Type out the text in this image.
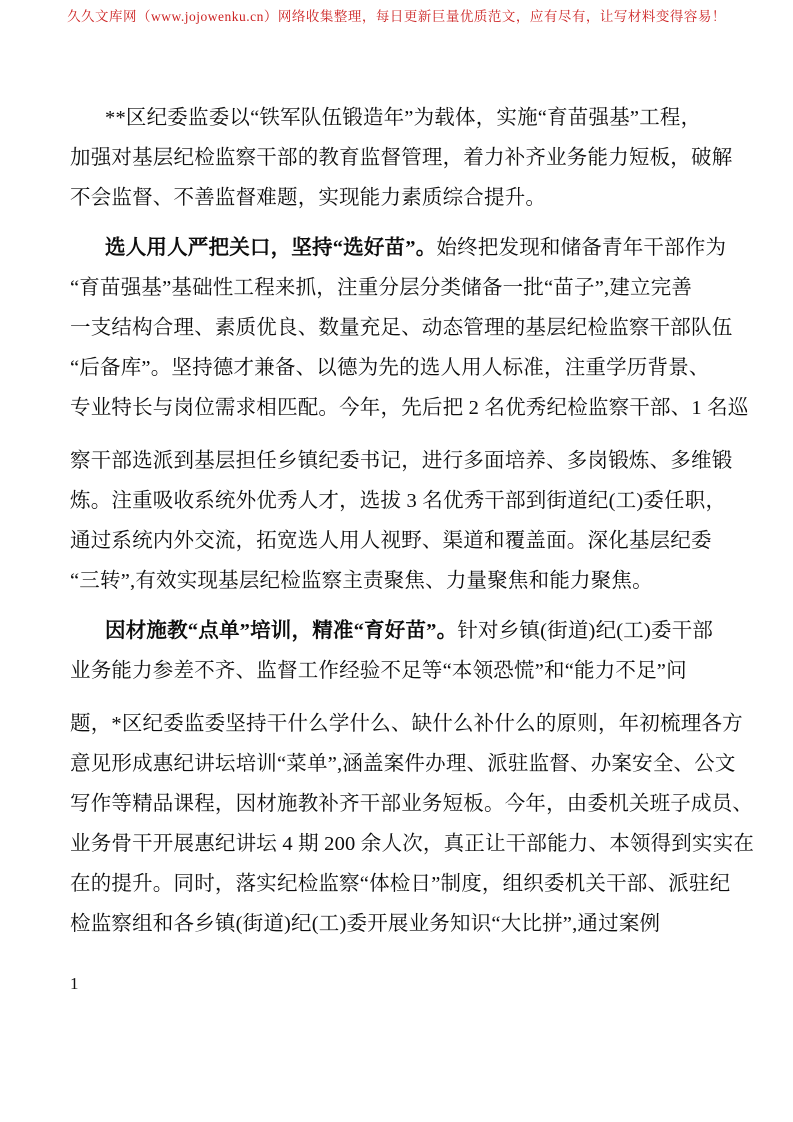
久久文库网（www.jojowenku.cn）网络收集整理，每日更新巨量优质范文，应有尽有，让写材料变得容易！
**区纪委监委以“铁军队伍锻造年”为载体，实施“育苗强基”工程，
加强对基层纪检监察干部的教育监督管理，着力补齐业务能力短板，破解
不会监督、不善监督难题，实现能力素质综合提升。
选人用人严把关口，坚持“选好苗”。始终把发现和储备青年干部作为
“育苗强基”基础性工程来抓，注重分层分类储备一批“苗子”,建立完善
一支结构合理、素质优良、数量充足、动态管理的基层纪检监察干部队伍
“后备库”。坚持德才兼备、以德为先的选人用人标准，注重学历背景、
专业特长与岗位需求相匹配。今年，先后把 2 名优秀纪检监察干部、1 名巡
察干部选派到基层担任乡镇纪委书记，进行多面培养、多岗锻炼、多维锻
炼。注重吸收系统外优秀人才，选拔 3 名优秀干部到街道纪(工)委任职，
通过系统内外交流，拓宽选人用人视野、渠道和覆盖面。深化基层纪委
“三转”,有效实现基层纪检监察主责聚焦、力量聚焦和能力聚焦。
因材施教“点单”培训，精准“育好苗”。针对乡镇(街道)纪(工)委干部
业务能力参差不齐、监督工作经验不足等“本领恐慌”和“能力不足”问
题，*区纪委监委坚持干什么学什么、缺什么补什么的原则，年初梳理各方
意见形成惠纪讲坛培训“菜单”,涵盖案件办理、派驻监督、办案安全、公文
写作等精品课程，因材施教补齐干部业务短板。今年，由委机关班子成员、
业务骨干开展惠纪讲坛 4 期 200 余人次，真正让干部能力、本领得到实实在
在的提升。同时，落实纪检监察“体检日”制度，组织委机关干部、派驻纪
检监察组和各乡镇(街道)纪(工)委开展业务知识“大比拼”,通过案例
1
